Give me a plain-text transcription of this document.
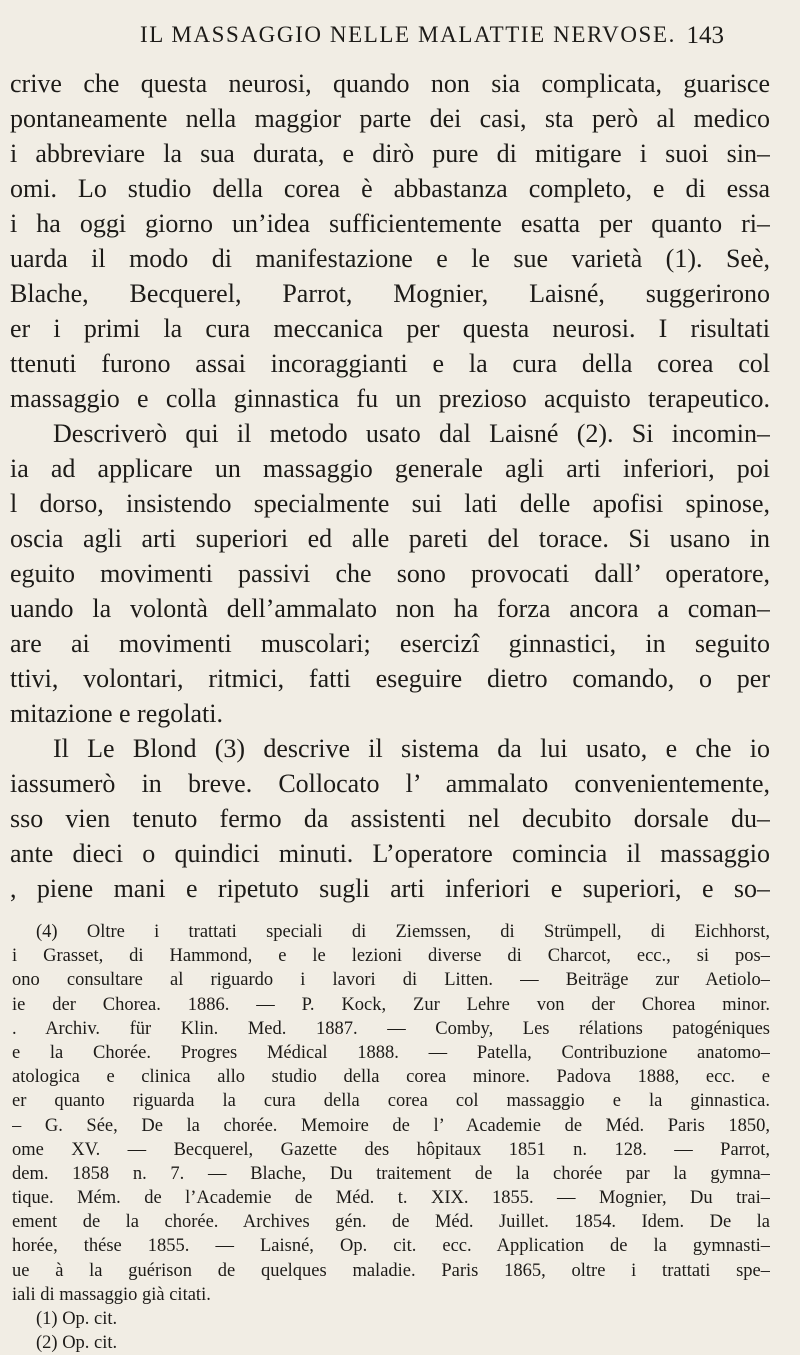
IL MASSAGGIO NELLE MALATTIE NERVOSE. 143
crive che questa neurosi, quando non sia complicata, guarisce
pontaneamente nella maggior parte dei casi, sta però al medico
i abbreviare la sua durata, e dirò pure di mitigare i suoi sin–
omi. Lo studio della corea è abbastanza completo, e di essa
i ha oggi giorno un’idea sufficientemente esatta per quanto ri–
uarda il modo di manifestazione e le sue varietà (1). Seè,
Blache, Becquerel, Parrot, Mognier, Laisné, suggerirono
er i primi la cura meccanica per questa neurosi. I risultati
ttenuti furono assai incoraggianti e la cura della corea col
massaggio e colla ginnastica fu un prezioso acquisto terapeutico.
Descriverò qui il metodo usato dal Laisné (2). Si incomin–
ia ad applicare un massaggio generale agli arti inferiori, poi
l dorso, insistendo specialmente sui lati delle apofisi spinose,
oscia agli arti superiori ed alle pareti del torace. Si usano in
eguito movimenti passivi che sono provocati dall’ operatore,
uando la volontà dell’ammalato non ha forza ancora a coman–
are ai movimenti muscolari; esercizî ginnastici, in seguito
ttivi, volontari, ritmici, fatti eseguire dietro comando, o per
mitazione e regolati.
Il Le Blond (3) descrive il sistema da lui usato, e che io
iassumerò in breve. Collocato l’ ammalato convenientemente,
sso vien tenuto fermo da assistenti nel decubito dorsale du–
ante dieci o quindici minuti. L’operatore comincia il massaggio
, piene mani e ripetuto sugli arti inferiori e superiori, e so–
(4) Oltre i trattati speciali di Ziemssen, di Strümpell, di Eichhorst,
i Grasset, di Hammond, e le lezioni diverse di Charcot, ecc., si pos–
ono consultare al riguardo i lavori di Litten. — Beiträge zur Aetiolo–
ie der Chorea. 1886. — P. Kock, Zur Lehre von der Chorea minor.
. Archiv. für Klin. Med. 1887. — Comby, Les rélations patogéniques
e la Chorée. Progres Médical 1888. — Patella, Contribuzione anatomo–
atologica e clinica allo studio della corea minore. Padova 1888, ecc. e
er quanto riguarda la cura della corea col massaggio e la ginnastica.
– G. Sée, De la chorée. Memoire de l’ Academie de Méd. Paris 1850,
ome XV. — Becquerel, Gazette des hôpitaux 1851 n. 128. — Parrot,
dem. 1858 n. 7. — Blache, Du traitement de la chorée par la gymna–
tique. Mém. de l’Academie de Méd. t. XIX. 1855. — Mognier, Du trai–
ement de la chorée. Archives gén. de Méd. Juillet. 1854. Idem. De la
horée, thése 1855. — Laisné, Op. cit. ecc. Application de la gymnasti–
ue à la guérison de quelques maladie. Paris 1865, oltre i trattati spe–
iali di massaggio già citati.
(1) Op. cit.
(2) Op. cit.
